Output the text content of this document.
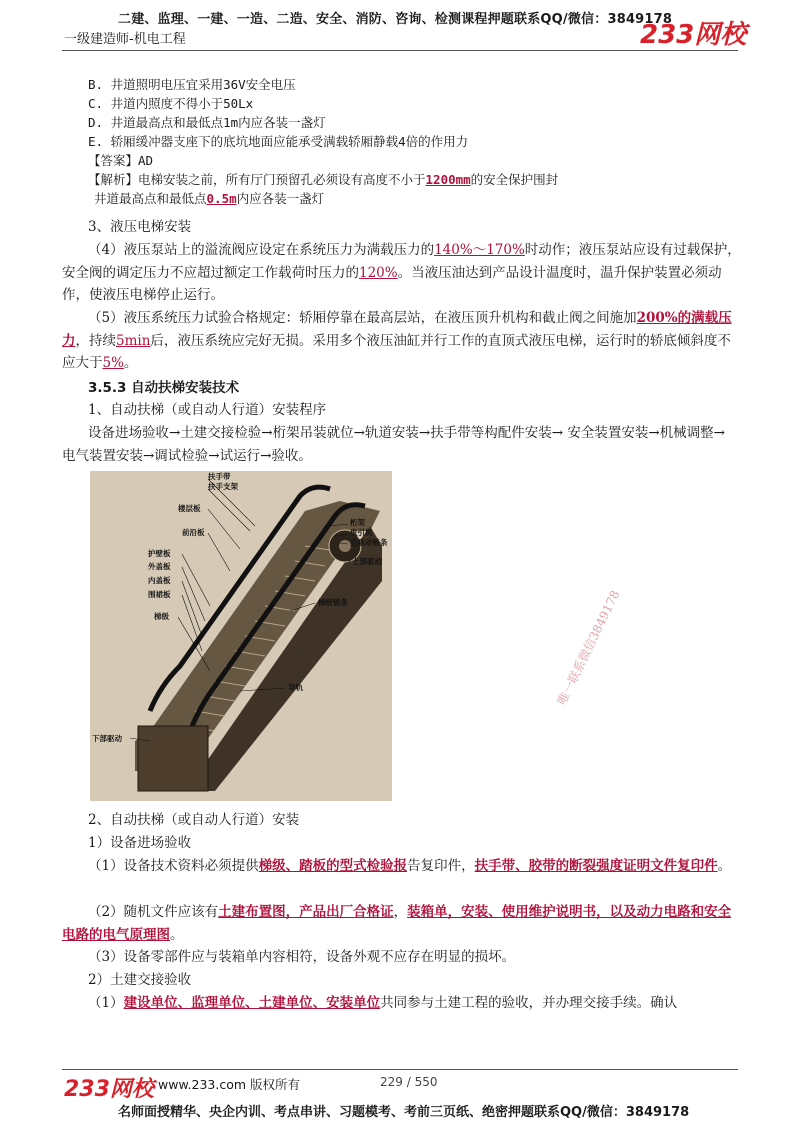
二建、监理、一建、一造、二造、安全、消防、咨询、检测课程押题联系QQ/微信：3849178
一级建造师-机电工程	233网校
B. 井道照明电压宜采用36V安全电压
C. 井道内照度不得小于50Lx
D. 井道最高点和最低点1m内应各装一盏灯
E. 轿厢缓冲器支座下的底坑地面应能承受满载轿厢静载4倍的作用力
【答案】AD
【解析】电梯安装之前，所有厅门预留孔必须设有高度不小于1200mm的安全保护围封
井道最高点和最低点0.5m内应各装一盏灯
3、液压电梯安装
（4）液压泵站上的溢流阀应设定在系统压力为满载压力的140%～170%时动作；液压泵站应设有过载保护，安全阀的调定压力不应超过额定工作载荷时压力的120%。当液压油达到产品设计温度时，温升保护装置必须动作，使液压电梯停止运行。
（5）液压系统压力试验合格规定：轿厢停靠在最高层站，在液压顶升机构和截止阀之间施加200%的满载压力，持续5min后，液压系统应完好无损。采用多个液压油缸并行工作的直顶式液压电梯，运行时的轿底倾斜度不应大于5%。
3.5.3 自动扶梯安装技术
1、自动扶梯（或自动人行道）安装程序
设备进场验收→土建交接检验→桁架吊装就位→轨道安装→扶手带等构配件安装→ 安全装置安装→机械调整→ 电气装置安装→调试检验→试运行→验收。
扶手带
扶手支架
楼层板
前沿板
护壁板
外盖板
内盖板
围裙板
梯级
下部驱动
桁架
曳引机
主驱动链条
上部驱动
梯级链条
导轨	唯一联系微信3849178
2、自动扶梯（或自动人行道）安装
1）设备进场验收
（1）设备技术资料必须提供梯级、踏板的型式检验报告复印件，扶手带、胶带的断裂强度证明文件复印件。
（2）随机文件应该有土建布置图，产品出厂合格证，装箱单，安装、使用维护说明书，以及动力电路和安全电路的电气原理图。
（3）设备零部件应与装箱单内容相符，设备外观不应存在明显的损坏。
2）土建交接验收
（1）建设单位、监理单位、土建单位、安装单位共同参与土建工程的验收，并办理交接手续。确认
233网校 www.233.com 版权所有	229 / 550
名师面授精华、央企内训、考点串讲、习题模考、考前三页纸、绝密押题联系QQ/微信：3849178
